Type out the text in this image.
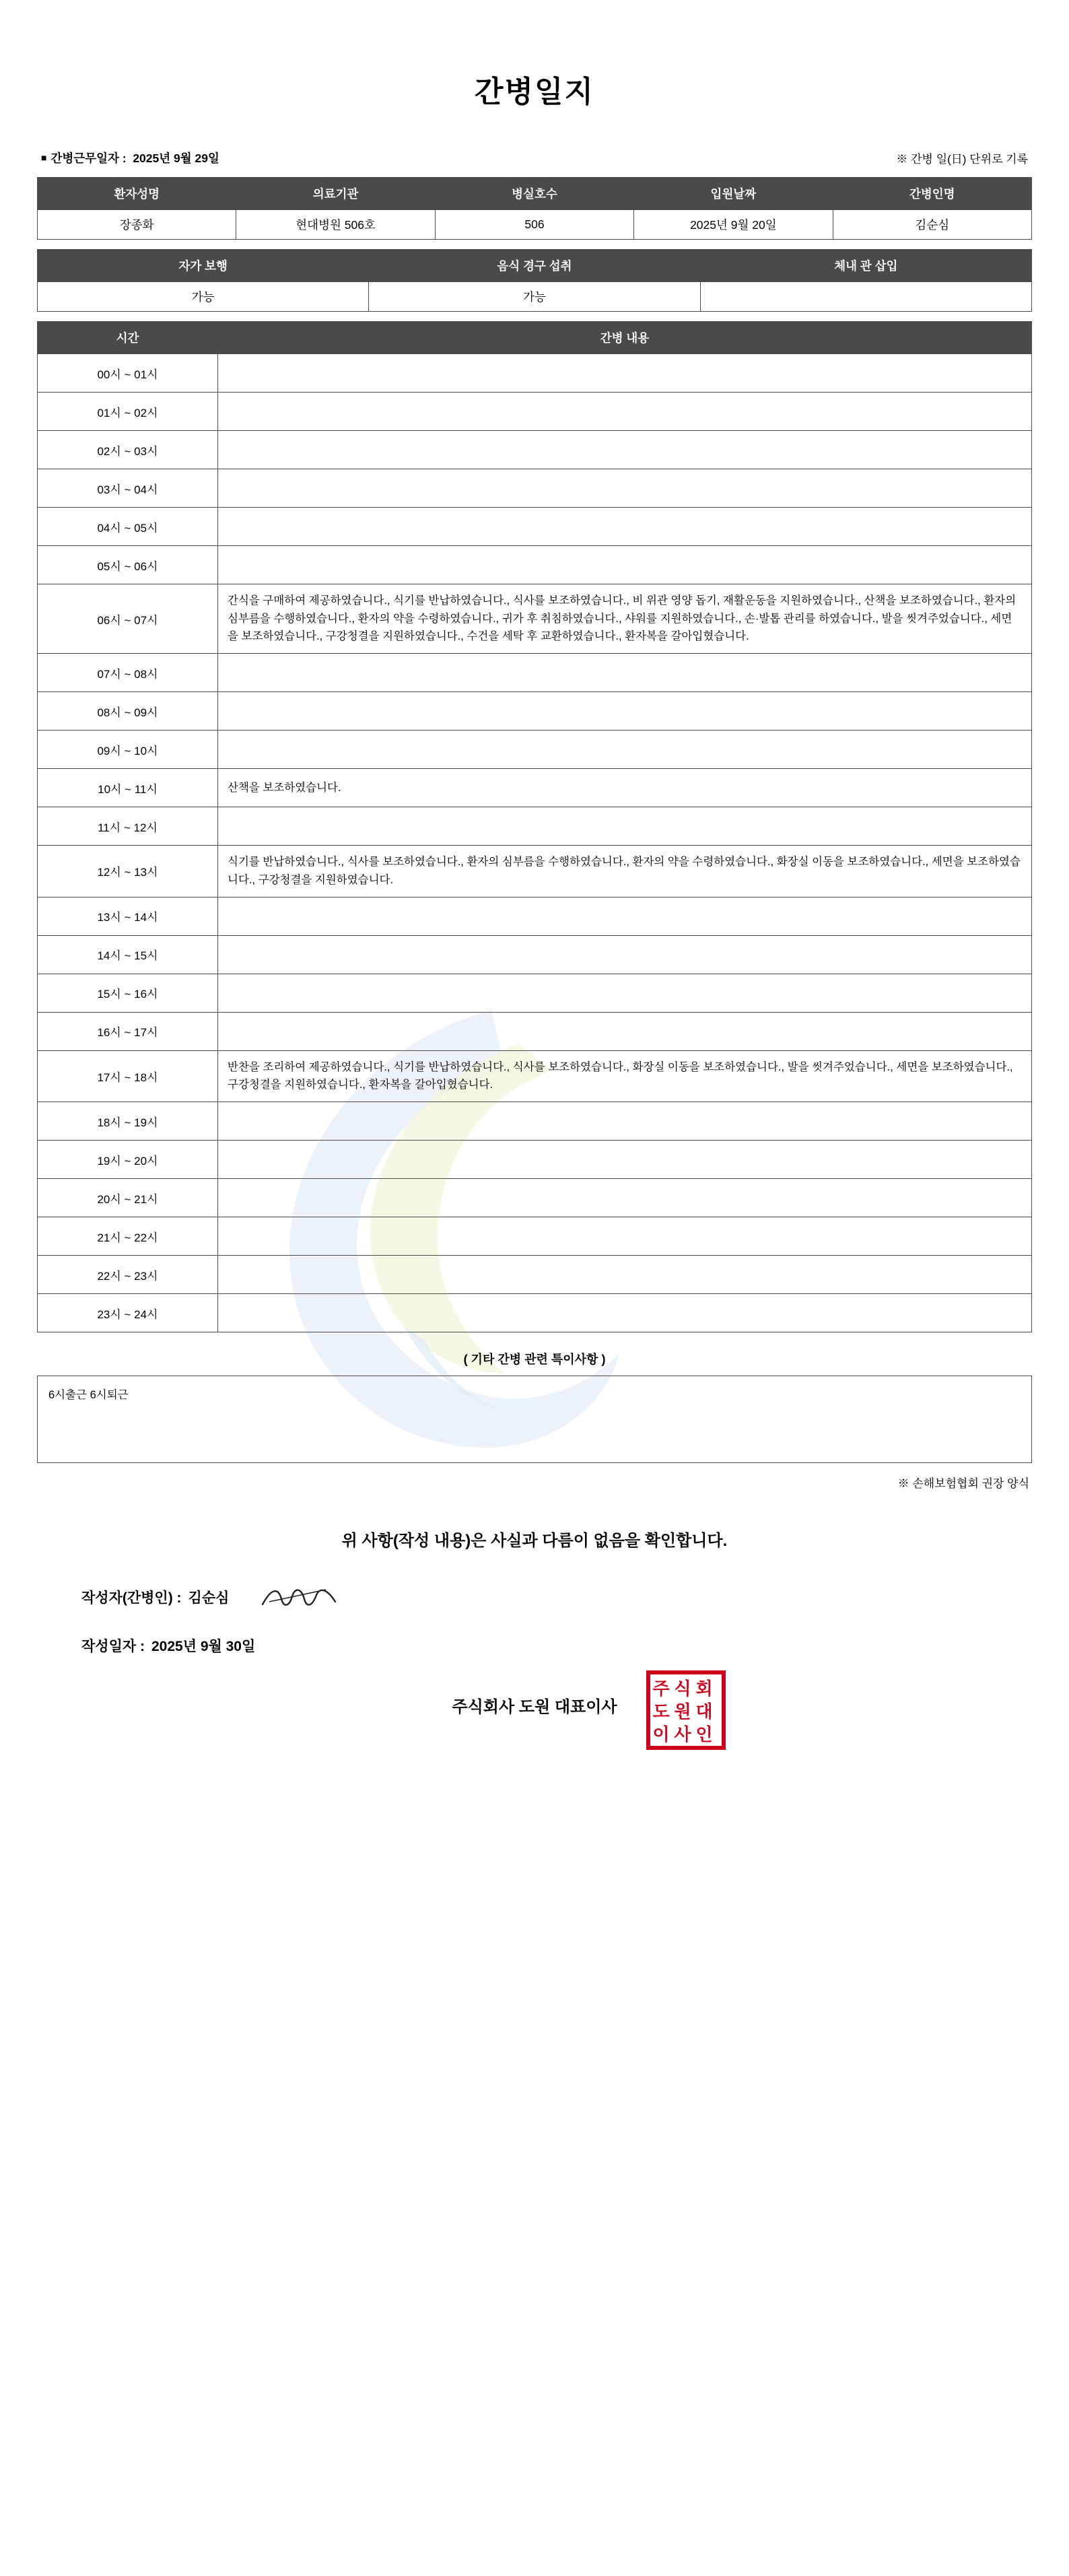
간병일지
■ 간병근무일자 : 2025년 9월 29일	※ 간병 일(日) 단위로 기록
환자성명	의료기관	병실호수	입원날짜	간병인명
장종화	현대병원 506호	506	2025년 9월 20일	김순심
자가 보행	음식 경구 섭취	체내 관 삽입
가능	가능	
시간	간병 내용
00시 ~ 01시	
01시 ~ 02시	
02시 ~ 03시	
03시 ~ 04시	
04시 ~ 05시	
05시 ~ 06시	
06시 ~ 07시	간식을 구매하여 제공하였습니다., 식기를 반납하였습니다., 식사를 보조하였습니다., 비 위관 영양 돕기, 재활운동을 지원하였습니다., 산책을 보조하였습니다., 환자의 심부름을 수행하였습니다., 환자의 약을 수령하였습니다., 귀가 후 취침하였습니다., 샤워를 지원하였습니다., 손·발톱 관리를 하였습니다., 발을 씻겨주었습니다., 세면을 보조하였습니다., 구강청결을 지원하였습니다., 수건을 세탁 후 교환하였습니다., 환자복을 갈아입혔습니다.
07시 ~ 08시	
08시 ~ 09시	
09시 ~ 10시	
10시 ~ 11시	산책을 보조하였습니다.
11시 ~ 12시	
12시 ~ 13시	식기를 반납하였습니다., 식사를 보조하였습니다., 환자의 심부름을 수행하였습니다., 환자의 약을 수령하였습니다., 화장실 이동을 보조하였습니다., 세면을 보조하였습니다., 구강청결을 지원하였습니다.
13시 ~ 14시	
14시 ~ 15시	
15시 ~ 16시	
16시 ~ 17시	
17시 ~ 18시	반찬을 조리하여 제공하였습니다., 식기를 반납하였습니다., 식사를 보조하였습니다., 화장실 이동을 보조하였습니다., 발을 씻겨주었습니다., 세면을 보조하였습니다., 구강청결을 지원하였습니다., 환자복을 갈아입혔습니다.
18시 ~ 19시	
19시 ~ 20시	
20시 ~ 21시	
21시 ~ 22시	
22시 ~ 23시	
23시 ~ 24시	
( 기타 간병 관련 특이사항 )
6시출근 6시퇴근
※ 손해보험협회 권장 양식
위 사항(작성 내용)은 사실과 다름이 없음을 확인합니다.
작성자(간병인) : 김순심
작성일자 : 2025년 9월 30일
주 식 회
도 원 대
이 사 인
주식회사 도원 대표이사
